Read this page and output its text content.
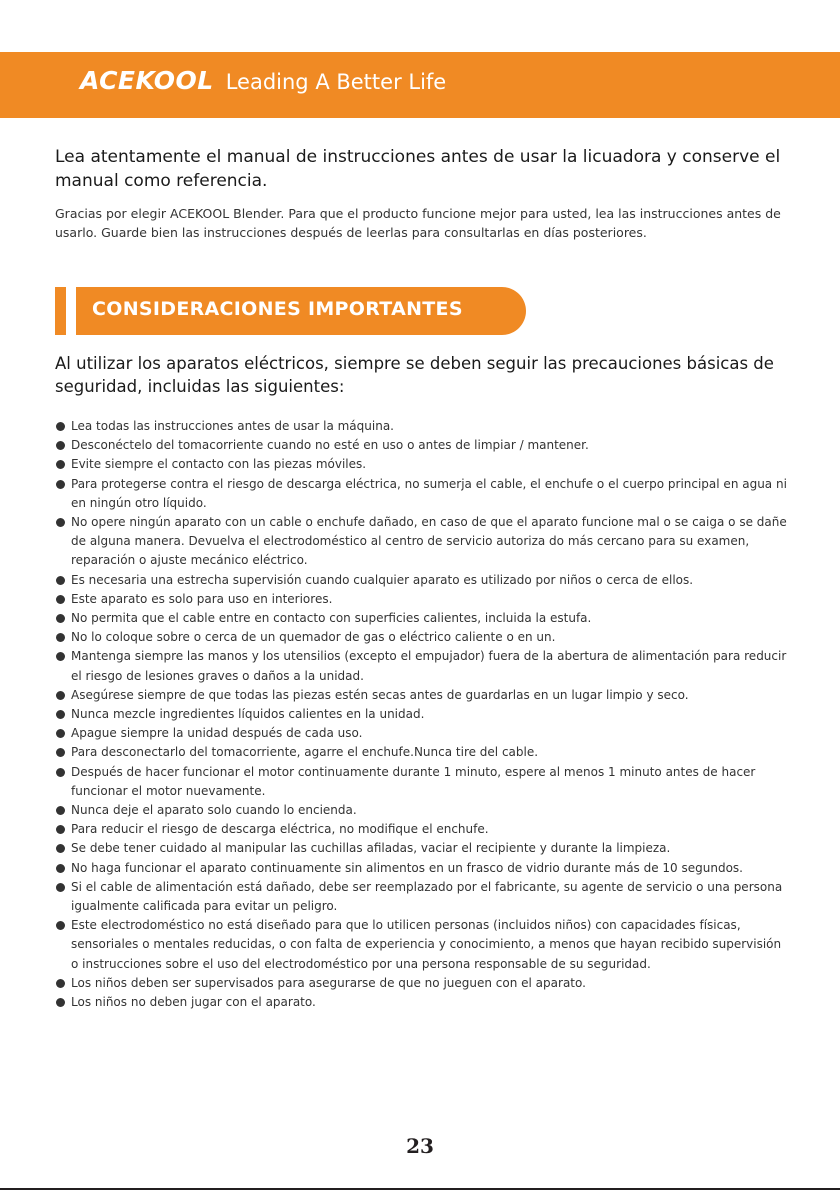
ACEKOOL Leading A Better Life
Lea atentamente el manual de instrucciones antes de usar la licuadora y conserve el manual como referencia.
Gracias por elegir ACEKOOL Blender. Para que el producto funcione mejor para usted, lea las instrucciones antes de usarlo. Guarde bien las instrucciones después de leerlas para consultarlas en días posteriores.
CONSIDERACIONES IMPORTANTES
Al utilizar los aparatos eléctricos, siempre se deben seguir las precauciones básicas de seguridad, incluidas las siguientes:
Lea todas las instrucciones antes de usar la máquina.
Desconéctelo del tomacorriente cuando no esté en uso o antes de limpiar / mantener.
Evite siempre el contacto con las piezas móviles.
Para protegerse contra el riesgo de descarga eléctrica, no sumerja el cable, el enchufe o el cuerpo principal en agua ni en ningún otro líquido.
No opere ningún aparato con un cable o enchufe dañado, en caso de que el aparato funcione mal o se caiga o se dañe de alguna manera. Devuelva el electrodoméstico al centro de servicio autoriza do más cercano para su examen, reparación o ajuste mecánico eléctrico.
Es necesaria una estrecha supervisión cuando cualquier aparato es utilizado por niños o cerca de ellos.
Este aparato es solo para uso en interiores.
No permita que el cable entre en contacto con superficies calientes, incluida la estufa.
No lo coloque sobre o cerca de un quemador de gas o eléctrico caliente o en un.
Mantenga siempre las manos y los utensilios (excepto el empujador) fuera de la abertura de alimentación para reducir el riesgo de lesiones graves o daños a la unidad.
Asegúrese siempre de que todas las piezas estén secas antes de guardarlas en un lugar limpio y seco.
Nunca mezcle ingredientes líquidos calientes en la unidad.
Apague siempre la unidad después de cada uso.
Para desconectarlo del tomacorriente, agarre el enchufe.Nunca tire del cable.
Después de hacer funcionar el motor continuamente durante 1 minuto, espere al menos 1 minuto antes de hacer funcionar el motor nuevamente.
Nunca deje el aparato solo cuando lo encienda.
Para reducir el riesgo de descarga eléctrica, no modifique el enchufe.
Se debe tener cuidado al manipular las cuchillas afiladas, vaciar el recipiente y durante la limpieza.
No haga funcionar el aparato continuamente sin alimentos en un frasco de vidrio durante más de 10 segundos.
Si el cable de alimentación está dañado, debe ser reemplazado por el fabricante, su agente de servicio o una persona igualmente calificada para evitar un peligro.
Este electrodoméstico no está diseñado para que lo utilicen personas (incluidos niños) con capacidades físicas, sensoriales o mentales reducidas, o con falta de experiencia y conocimiento, a menos que hayan recibido supervisión o instrucciones sobre el uso del electrodoméstico por una persona responsable de su seguridad.
Los niños deben ser supervisados para asegurarse de que no jueguen con el aparato.
Los niños no deben jugar con el aparato.
23
